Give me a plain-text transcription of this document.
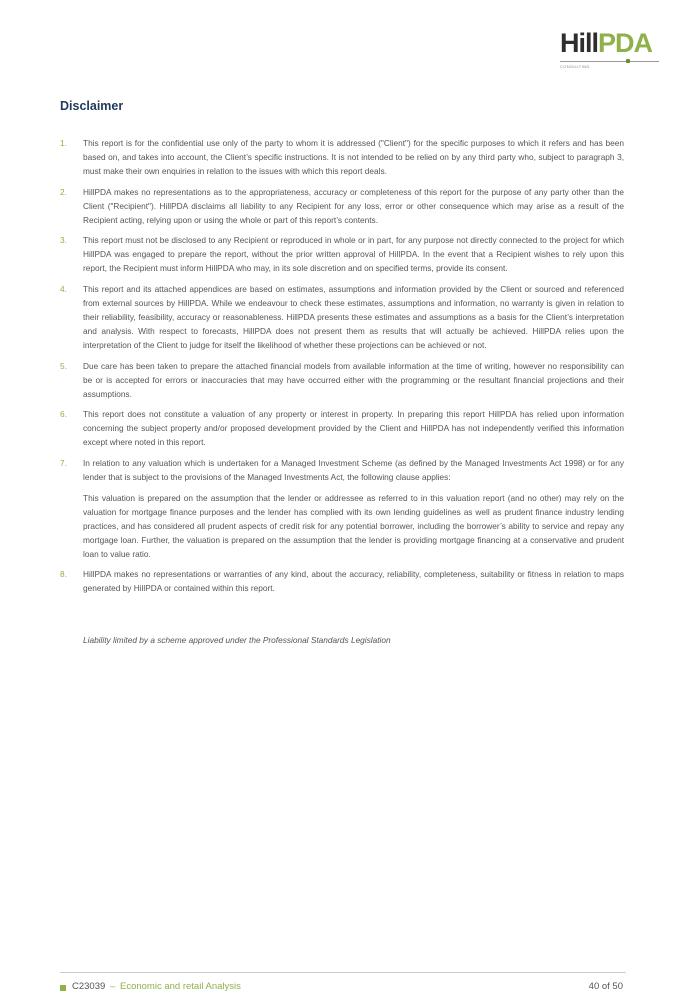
HillPDA
CONSULTING
Disclaimer
1. This report is for the confidential use only of the party to whom it is addressed ("Client") for the specific purposes to which it refers and has been based on, and takes into account, the Client’s specific instructions. It is not intended to be relied on by any third party who, subject to paragraph 3, must make their own enquiries in relation to the issues with which this report deals.

2. HillPDA makes no representations as to the appropriateness, accuracy or completeness of this report for the purpose of any party other than the Client ("Recipient"). HillPDA disclaims all liability to any Recipient for any loss, error or other consequence which may arise as a result of the Recipient acting, relying upon or using the whole or part of this report’s contents.

3. This report must not be disclosed to any Recipient or reproduced in whole or in part, for any purpose not directly connected to the project for which HillPDA was engaged to prepare the report, without the prior written approval of HillPDA. In the event that a Recipient wishes to rely upon this report, the Recipient must inform HillPDA who may, in its sole discretion and on specified terms, provide its consent.

4. This report and its attached appendices are based on estimates, assumptions and information provided by the Client or sourced and referenced from external sources by HillPDA. While we endeavour to check these estimates, assumptions and information, no warranty is given in relation to their reliability, feasibility, accuracy or reasonableness. HillPDA presents these estimates and assumptions as a basis for the Client’s interpretation and analysis. With respect to forecasts, HillPDA does not present them as results that will actually be achieved. HillPDA relies upon the interpretation of the Client to judge for itself the likelihood of whether these projections can be achieved or not.

5. Due care has been taken to prepare the attached financial models from available information at the time of writing, however no responsibility can be or is accepted for errors or inaccuracies that may have occurred either with the programming or the resultant financial projections and their assumptions.

6. This report does not constitute a valuation of any property or interest in property. In preparing this report HillPDA has relied upon information concerning the subject property and/or proposed development provided by the Client and HillPDA has not independently verified this information except where noted in this report.

7. In relation to any valuation which is undertaken for a Managed Investment Scheme (as defined by the Managed Investments Act 1998) or for any lender that is subject to the provisions of the Managed Investments Act, the following clause applies:

This valuation is prepared on the assumption that the lender or addressee as referred to in this valuation report (and no other) may rely on the valuation for mortgage finance purposes and the lender has complied with its own lending guidelines as well as prudent finance industry lending practices, and has considered all prudent aspects of credit risk for any potential borrower, including the borrower’s ability to service and repay any mortgage loan. Further, the valuation is prepared on the assumption that the lender is providing mortgage financing at a conservative and prudent loan to value ratio.

8. HillPDA makes no representations or warranties of any kind, about the accuracy, reliability, completeness, suitability or fitness in relation to maps generated by HillPDA or contained within this report.

Liability limited by a scheme approved under the Professional Standards Legislation

C23039 – Economic and retail Analysis	40 of 50
